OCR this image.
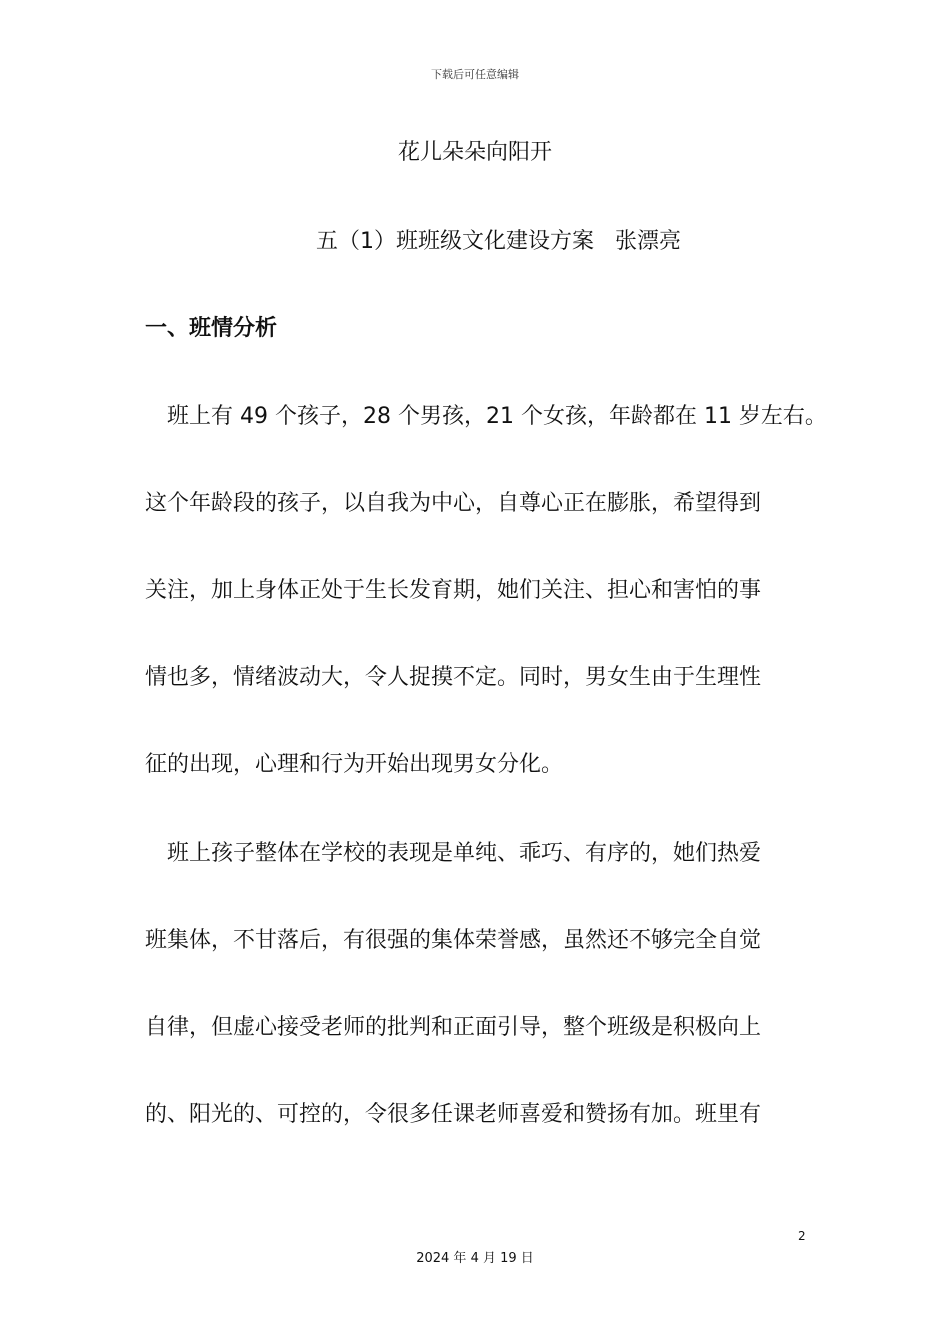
下载后可任意编辑
花儿朵朵向阳开
五（1）班班级文化建设方案   张漂亮
一、班情分析
　班上有 49 个孩子，28 个男孩，21 个女孩，年龄都在 11 岁左右。
这个年龄段的孩子，以自我为中心，自尊心正在膨胀，希望得到
关注，加上身体正处于生长发育期，她们关注、担心和害怕的事
情也多，情绪波动大，令人捉摸不定。同时，男女生由于生理性
征的出现，心理和行为开始出现男女分化。
　班上孩子整体在学校的表现是单纯、乖巧、有序的，她们热爱
班集体，不甘落后，有很强的集体荣誉感，虽然还不够完全自觉
自律，但虚心接受老师的批判和正面引导，整个班级是积极向上
的、阳光的、可控的，令很多任课老师喜爱和赞扬有加。班里有
2
2024 年 4 月 19 日
